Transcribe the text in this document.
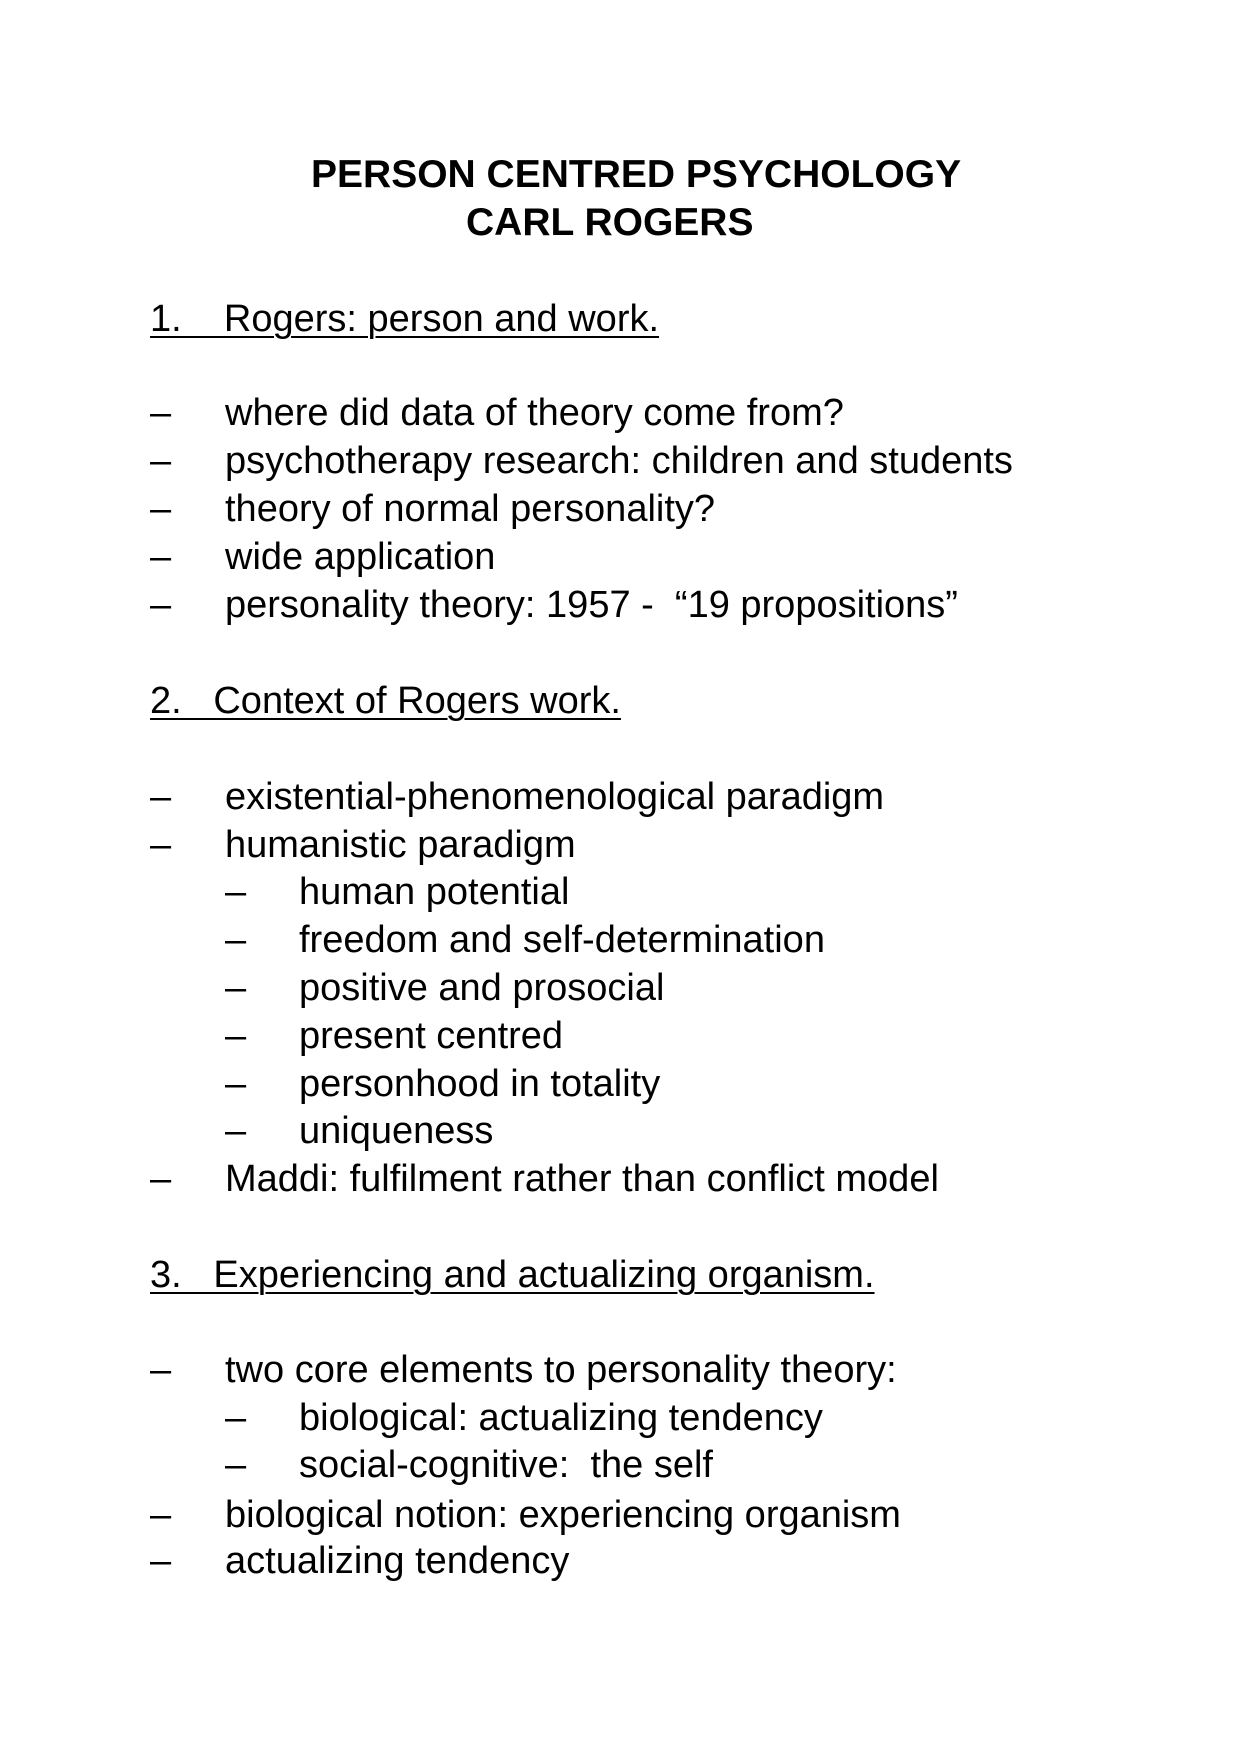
PERSON CENTRED PSYCHOLOGY
CARL ROGERS
1.    Rogers: person and work.
– where did data of theory come from?
– psychotherapy research: children and students
– theory of normal personality?
– wide application
– personality theory: 1957 -  “19 propositions”
– existential-phenomenological paradigm
– humanistic paradigm
– human potential
– freedom and self-determination
– positive and prosocial
– present centred
– personhood in totality
– uniqueness
– Maddi: fulfilment rather than conflict model
– two core elements to personality theory:
– biological: actualizing tendency
– social-cognitive:  the self
– biological notion: experiencing organism
– actualizing tendency
2.   Context of Rogers work.
3.   Experiencing and actualizing organism.
